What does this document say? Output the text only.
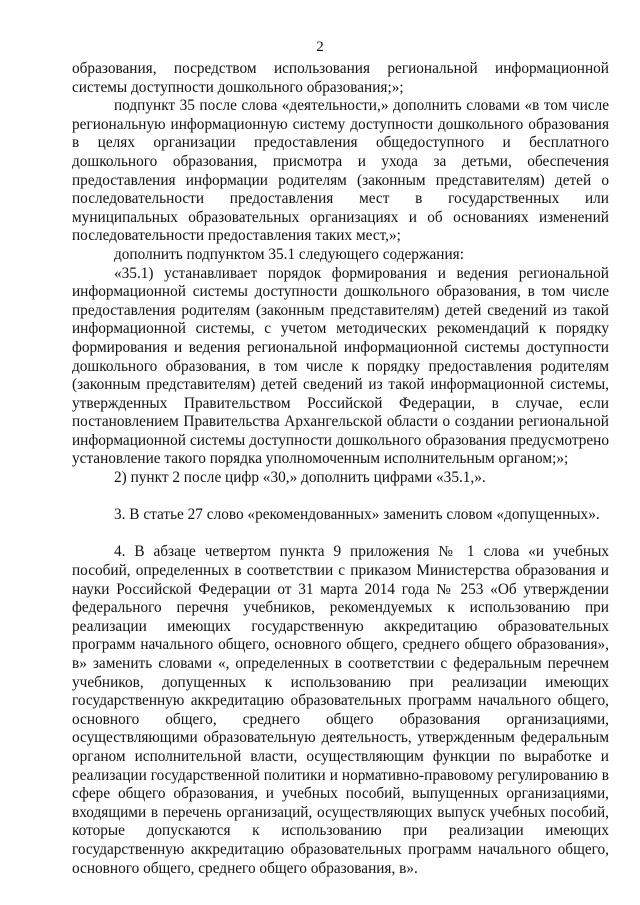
2

образования, посредством использования региональной информационной системы доступности дошкольного образования;»;

подпункт 35 после слова «деятельности,» дополнить словами «в том числе региональную информационную систему доступности дошкольного образования в целях организации предоставления общедоступного и бесплатного дошкольного образования, присмотра и ухода за детьми, обеспечения предоставления информации родителям (законным представителям) детей о последовательности предоставления мест в государственных или муниципальных образовательных организациях и об основаниях изменений последовательности предоставления таких мест,»;

дополнить подпунктом 35.1 следующего содержания:

«35.1) устанавливает порядок формирования и ведения региональной информационной системы доступности дошкольного образования, в том числе предоставления родителям (законным представителям) детей сведений из такой информационной системы, с учетом методических рекомендаций к порядку формирования и ведения региональной информационной системы доступности дошкольного образования, в том числе к порядку предоставления родителям (законным представителям) детей сведений из такой информационной системы, утвержденных Правительством Российской Федерации, в случае, если постановлением Правительства Архангельской области о создании региональной информационной системы доступности дошкольного образования предусмотрено установление такого порядка уполномоченным исполнительным органом;»;

2) пункт 2 после цифр «30,» дополнить цифрами «35.1,».

3. В статье 27 слово «рекомендованных» заменить словом «допущенных».

4. В абзаце четвертом пункта 9 приложения № 1 слова «и учебных пособий, определенных в соответствии с приказом Министерства образования и науки Российской Федерации от 31 марта 2014 года № 253 «Об утверждении федерального перечня учебников, рекомендуемых к использованию при реализации имеющих государственную аккредитацию образовательных программ начального общего, основного общего, среднего общего образования», в» заменить словами «, определенных в соответствии с федеральным перечнем учебников, допущенных к использованию при реализации имеющих государственную аккредитацию образовательных программ начального общего, основного общего, среднего общего образования организациями, осуществляющими образовательную деятельность, утвержденным федеральным органом исполнительной власти, осуществляющим функции по выработке и реализации государственной политики и нормативно-правовому регулированию в сфере общего образования, и учебных пособий, выпущенных организациями, входящими в перечень организаций, осуществляющих выпуск учебных пособий, которые допускаются к использованию при реализации имеющих государственную аккредитацию образовательных программ начального общего, основного общего, среднего общего образования, в».
